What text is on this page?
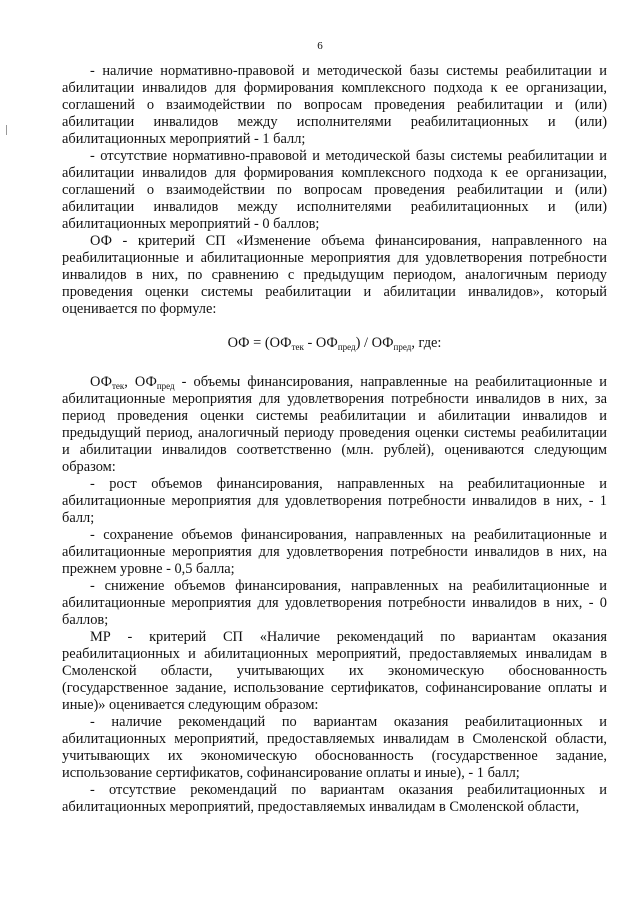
6

- наличие нормативно-правовой и методической базы системы реабилитации и абилитации инвалидов для формирования комплексного подхода к ее организации, соглашений о взаимодействии по вопросам проведения реабилитации и (или) абилитации инвалидов между исполнителями реабилитационных и (или) абилитационных мероприятий - 1 балл;

- отсутствие нормативно-правовой и методической базы системы реабилитации и абилитации инвалидов для формирования комплексного подхода к ее организации, соглашений о взаимодействии по вопросам проведения реабилитации и (или) абилитации инвалидов между исполнителями реабилитационных и (или) абилитационных мероприятий - 0 баллов;

ОФ - критерий СП «Изменение объема финансирования, направленного на реабилитационные и абилитационные мероприятия для удовлетворения потребности инвалидов в них, по сравнению с предыдущим периодом, аналогичным периоду проведения оценки системы реабилитации и абилитации инвалидов», который оценивается по формуле:

ОФ = $(ОФ_{тек} - ОФ_{пред}) / ОФ_{пред}$, где:

$ОФ_{тек}$, $ОФ_{пред}$ - объемы финансирования, направленные на реабилитационные и абилитационные мероприятия для удовлетворения потребности инвалидов в них, за период проведения оценки системы реабилитации и абилитации инвалидов и предыдущий период, аналогичный периоду проведения оценки системы реабилитации и абилитации инвалидов соответственно (млн. рублей), оцениваются следующим образом:

- рост объемов финансирования, направленных на реабилитационные и абилитационные мероприятия для удовлетворения потребности инвалидов в них, - 1 балл;

- сохранение объемов финансирования, направленных на реабилитационные и абилитационные мероприятия для удовлетворения потребности инвалидов в них, на прежнем уровне - 0,5 балла;

- снижение объемов финансирования, направленных на реабилитационные и абилитационные мероприятия для удовлетворения потребности инвалидов в них, - 0 баллов;

МР - критерий СП «Наличие рекомендаций по вариантам оказания реабилитационных и абилитационных мероприятий, предоставляемых инвалидам в Смоленской области, учитывающих их экономическую обоснованность (государственное задание, использование сертификатов, софинансирование оплаты и иные)» оценивается следующим образом:

- наличие рекомендаций по вариантам оказания реабилитационных и абилитационных мероприятий, предоставляемых инвалидам в Смоленской области, учитывающих их экономическую обоснованность (государственное задание, использование сертификатов, софинансирование оплаты и иные), - 1 балл;

- отсутствие рекомендаций по вариантам оказания реабилитационных и абилитационных мероприятий, предоставляемых инвалидам в Смоленской области,
